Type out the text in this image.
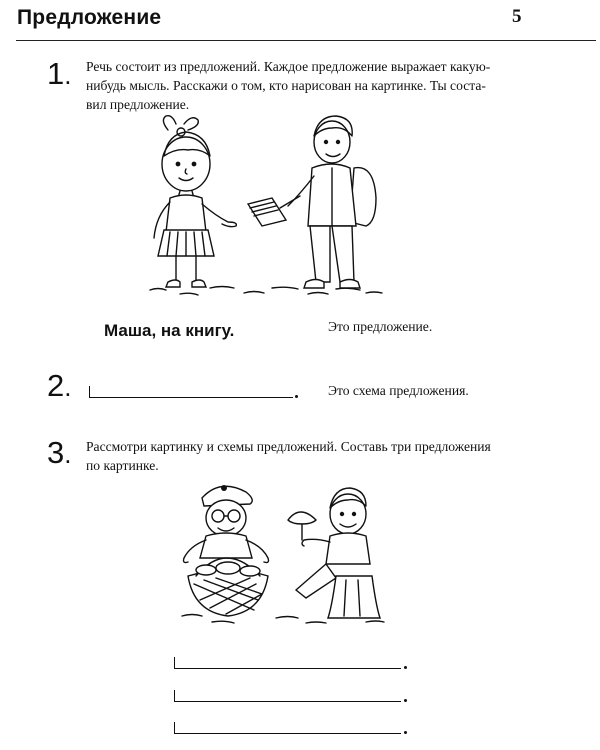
Предложение	5
1. Речь состоит из предложений. Каждое предложение выражает какую-
нибудь мысль. Расскажи о том, кто нарисован на картинке. Ты соста-
вил предложение.
Маша, на книгу.	Это предложение.
2.	Это схема предложения.
3. Рассмотри картинку и схемы предложений. Составь три предложения
по картинке.
